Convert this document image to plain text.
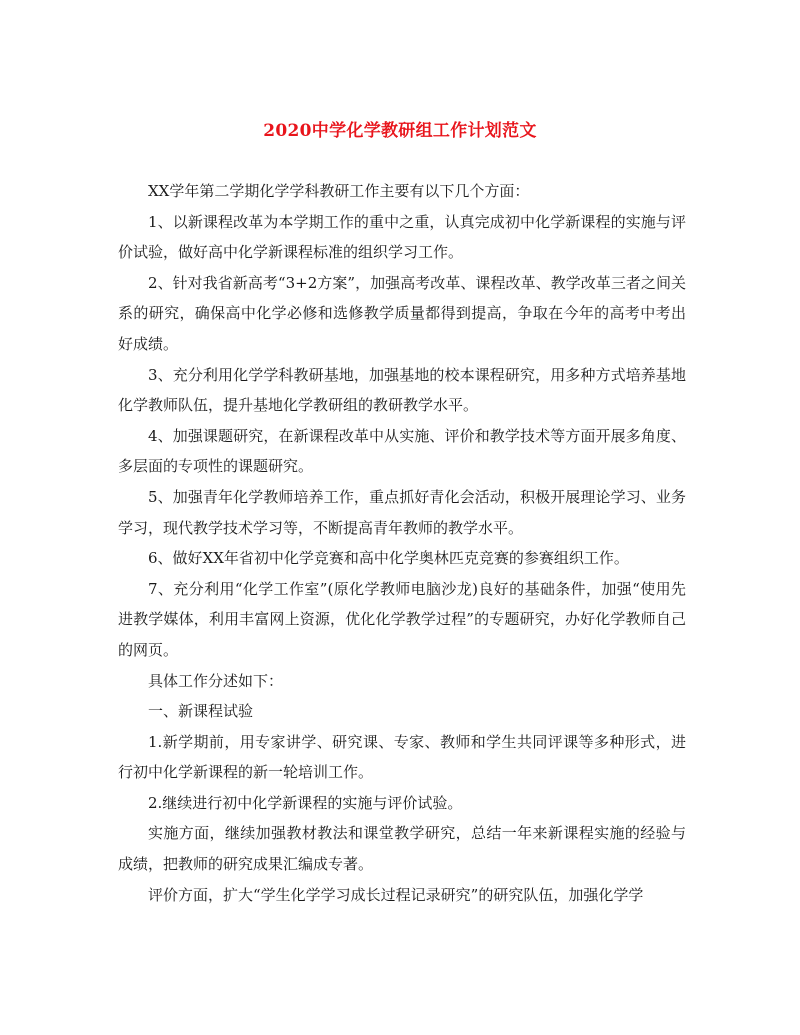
2020中学化学教研组工作计划范文

XX学年第二学期化学学科教研工作主要有以下几个方面：

1、以新课程改革为本学期工作的重中之重，认真完成初中化学新课程的实施与评价试验，做好高中化学新课程标准的组织学习工作。

2、针对我省新高考“3+2方案”，加强高考改革、课程改革、教学改革三者之间关系的研究，确保高中化学必修和选修教学质量都得到提高，争取在今年的高考中考出好成绩。

3、充分利用化学学科教研基地，加强基地的校本课程研究，用多种方式培养基地化学教师队伍，提升基地化学教研组的教研教学水平。

4、加强课题研究，在新课程改革中从实施、评价和教学技术等方面开展多角度、多层面的专项性的课题研究。

5、加强青年化学教师培养工作，重点抓好青化会活动，积极开展理论学习、业务学习，现代教学技术学习等，不断提高青年教师的教学水平。

6、做好XX年省初中化学竞赛和高中化学奥林匹克竞赛的参赛组织工作。

7、充分利用“化学工作室”(原化学教师电脑沙龙)良好的基础条件，加强“使用先进教学媒体，利用丰富网上资源，优化化学教学过程”的专题研究，办好化学教师自己的网页。

具体工作分述如下：

一、新课程试验

1.新学期前，用专家讲学、研究课、专家、教师和学生共同评课等多种形式，进行初中化学新课程的新一轮培训工作。

2.继续进行初中化学新课程的实施与评价试验。

实施方面，继续加强教材教法和课堂教学研究，总结一年来新课程实施的经验与成绩，把教师的研究成果汇编成专著。

评价方面，扩大“学生化学学习成长过程记录研究”的研究队伍，加强化学学
